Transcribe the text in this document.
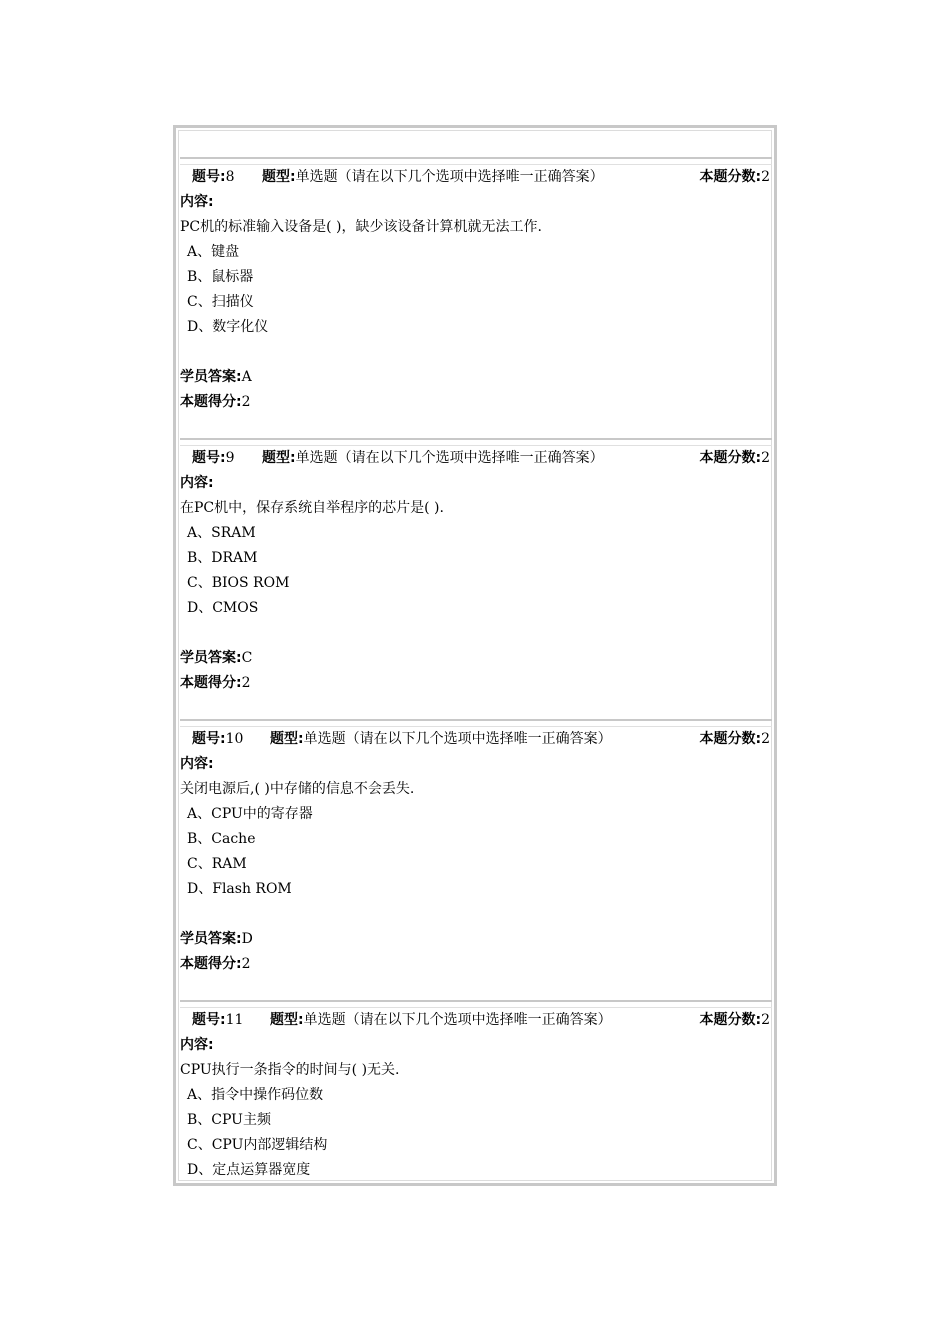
题号:8	题型:单选题（请在以下几个选项中选择唯一正确答案）	本题分数:2
内容:
PC机的标准输入设备是( )，缺少该设备计算机就无法工作.
A、键盘
B、鼠标器
C、扫描仪
D、数字化仪
学员答案:A
本题得分:2
题号:9	题型:单选题（请在以下几个选项中选择唯一正确答案）	本题分数:2
内容:
在PC机中，保存系统自举程序的芯片是( ).
A、SRAM
B、DRAM
C、BIOS ROM
D、CMOS
学员答案:C
本题得分:2
题号:10	题型:单选题（请在以下几个选项中选择唯一正确答案）	本题分数:2
内容:
关闭电源后,( )中存储的信息不会丢失.
A、CPU中的寄存器
B、Cache
C、RAM
D、Flash ROM
学员答案:D
本题得分:2
题号:11	题型:单选题（请在以下几个选项中选择唯一正确答案）	本题分数:2
内容:
CPU执行一条指令的时间与( )无关.
A、指令中操作码位数
B、CPU主频
C、CPU内部逻辑结构
D、定点运算器宽度
